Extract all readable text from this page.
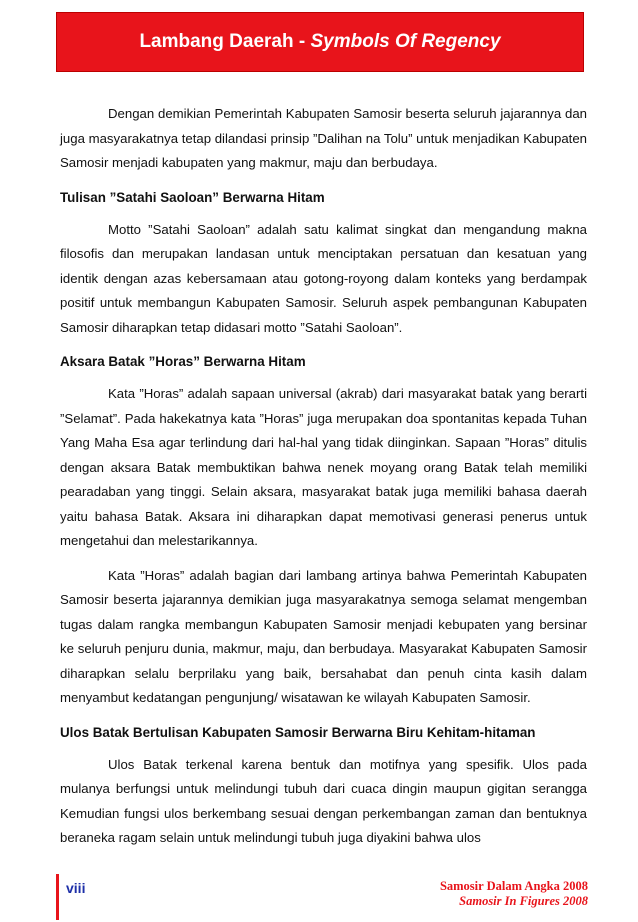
Lambang Daerah - Symbols Of Regency

Dengan demikian Pemerintah Kabupaten Samosir beserta seluruh jajarannya dan juga masyarakatnya tetap dilandasi prinsip ”Dalihan na Tolu” untuk menjadikan Kabupaten Samosir menjadi kabupaten yang makmur, maju dan berbudaya.

Tulisan ”Satahi Saoloan” Berwarna Hitam

Motto ”Satahi Saoloan” adalah satu kalimat singkat dan mengandung makna filosofis dan merupakan landasan untuk menciptakan persatuan dan kesatuan yang identik dengan azas kebersamaan atau gotong-royong dalam konteks yang berdampak positif untuk membangun Kabupaten Samosir. Seluruh aspek pembangunan Kabupaten Samosir diharapkan tetap didasari motto ”Satahi Saoloan”.

Aksara Batak ”Horas” Berwarna Hitam

Kata ”Horas” adalah sapaan universal (akrab) dari masyarakat batak yang berarti ”Selamat”. Pada hakekatnya kata ”Horas” juga merupakan doa spontanitas kepada Tuhan Yang Maha Esa agar terlindung dari hal-hal yang tidak diinginkan. Sapaan ”Horas” ditulis dengan aksara Batak membuktikan bahwa nenek moyang orang Batak telah memiliki pearadaban yang tinggi. Selain aksara, masyarakat batak juga memiliki bahasa daerah yaitu bahasa Batak. Aksara ini diharapkan dapat memotivasi generasi penerus untuk mengetahui dan melestarikannya.

Kata ”Horas” adalah bagian dari lambang artinya bahwa Pemerintah Kabupaten Samosir beserta jajarannya demikian juga masyarakatnya semoga selamat mengemban tugas dalam rangka membangun Kabupaten Samosir menjadi kebupaten yang bersinar ke seluruh penjuru dunia, makmur, maju, dan berbudaya. Masyarakat Kabupaten Samosir diharapkan selalu berprilaku yang baik, bersahabat dan penuh cinta kasih dalam menyambut kedatangan pengunjung/ wisatawan ke wilayah Kabupaten Samosir.

Ulos Batak Bertulisan Kabupaten Samosir Berwarna Biru Kehitam-hitaman

Ulos Batak terkenal karena bentuk dan motifnya yang spesifik. Ulos pada mulanya berfungsi untuk melindungi tubuh dari cuaca dingin maupun gigitan serangga Kemudian fungsi ulos berkembang sesuai dengan perkembangan zaman dan bentuknya beraneka ragam selain untuk melindungi tubuh juga diyakini bahwa ulos

viii	Samosir Dalam Angka 2008
Samosir In Figures 2008
